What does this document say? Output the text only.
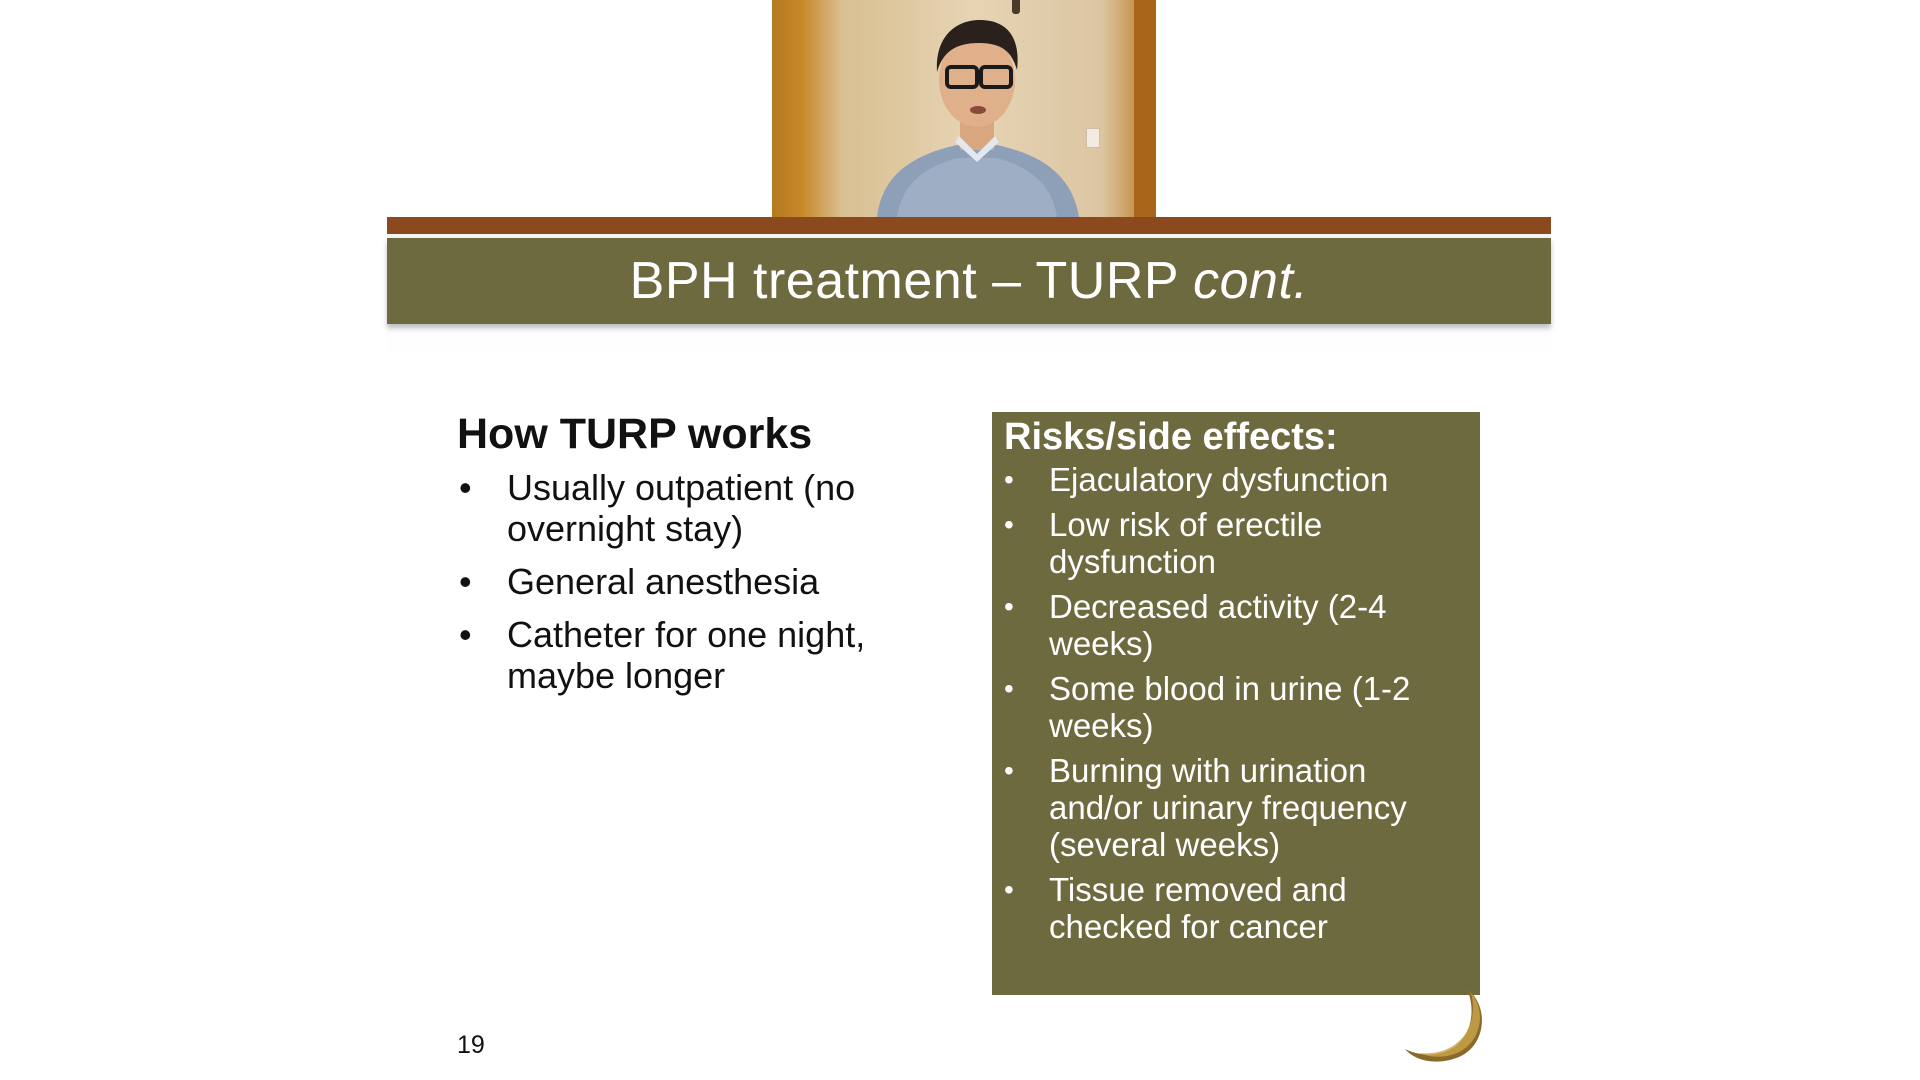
BPH treatment – TURP cont.
How TURP works
• Usually outpatient (no overnight stay)
• General anesthesia
• Catheter for one night, maybe longer
Risks/side effects:
• Ejaculatory dysfunction
• Low risk of erectile dysfunction
• Decreased activity (2-4 weeks)
• Some blood in urine (1-2 weeks)
• Burning with urination and/or urinary frequency (several weeks)
• Tissue removed and checked for cancer
19
